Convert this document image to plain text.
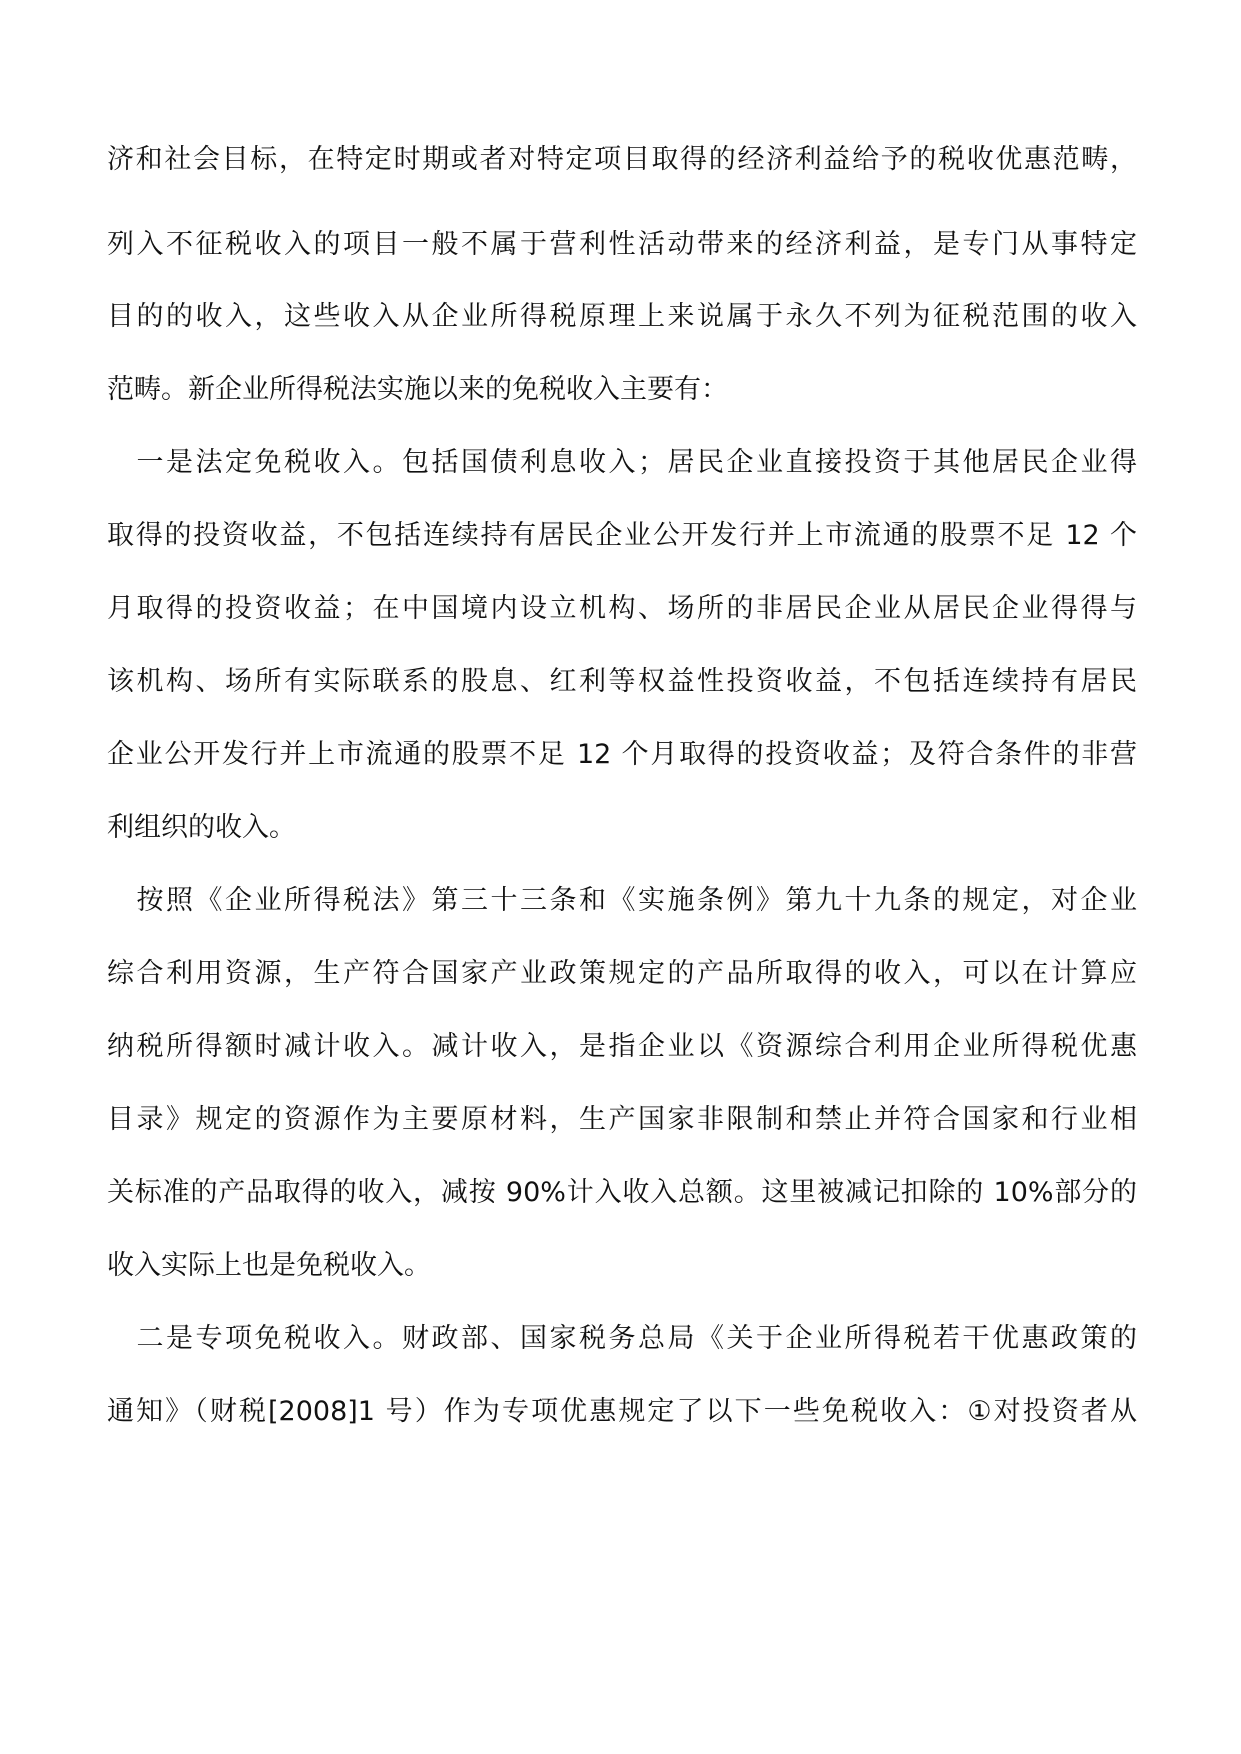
济和社会目标，在特定时期或者对特定项目取得的经济利益给予的税收优惠范畴，
列入不征税收入的项目一般不属于营利性活动带来的经济利益，是专门从事特定
目的的收入，这些收入从企业所得税原理上来说属于永久不列为征税范围的收入
范畴。新企业所得税法实施以来的免税收入主要有：
　一是法定免税收入。包括国债利息收入；居民企业直接投资于其他居民企业得
取得的投资收益，不包括连续持有居民企业公开发行并上市流通的股票不足 12 个
月取得的投资收益；在中国境内设立机构、场所的非居民企业从居民企业得得与
该机构、场所有实际联系的股息、红利等权益性投资收益，不包括连续持有居民
企业公开发行并上市流通的股票不足 12 个月取得的投资收益；及符合条件的非营
利组织的收入。
　按照《企业所得税法》第三十三条和《实施条例》第九十九条的规定，对企业
综合利用资源，生产符合国家产业政策规定的产品所取得的收入，可以在计算应
纳税所得额时减计收入。减计收入，是指企业以《资源综合利用企业所得税优惠
目录》规定的资源作为主要原材料，生产国家非限制和禁止并符合国家和行业相
关标准的产品取得的收入，减按 90%计入收入总额。这里被减记扣除的 10%部分的
收入实际上也是免税收入。
　二是专项免税收入。财政部、国家税务总局《关于企业所得税若干优惠政策的
通知》（财税[2008]1 号）作为专项优惠规定了以下一些免税收入：①对投资者从
